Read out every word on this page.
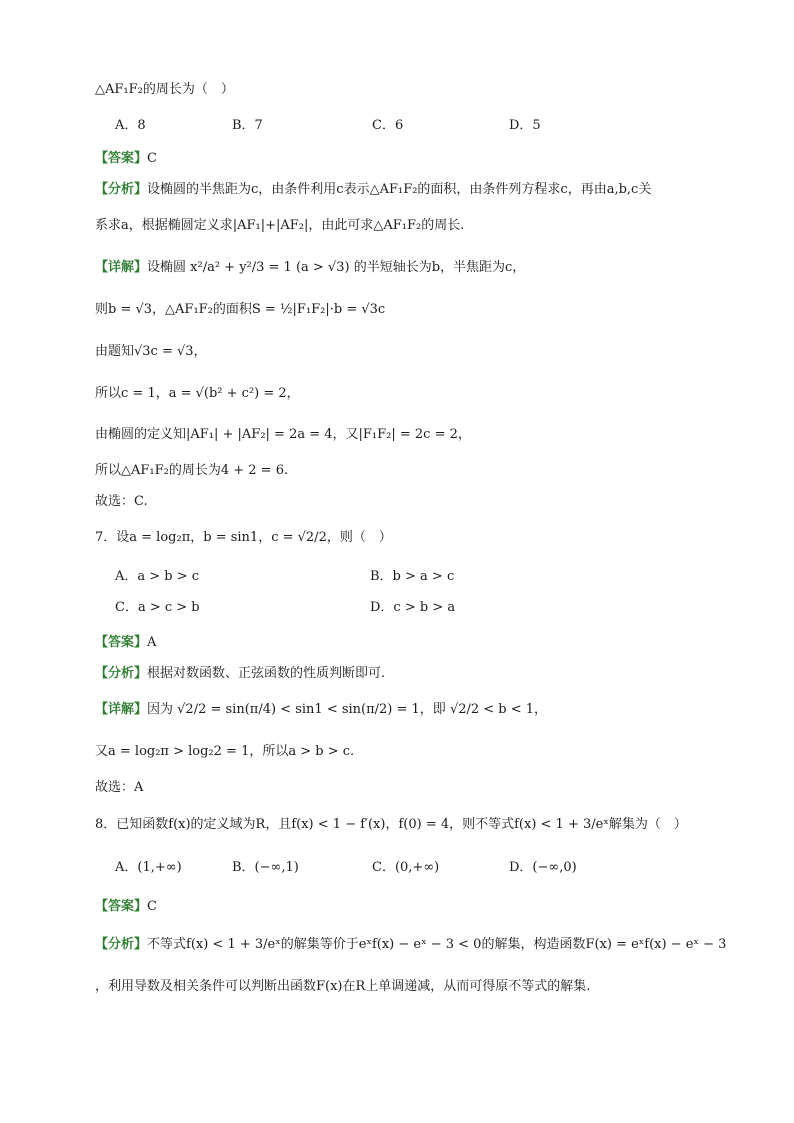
△AF₁F₂的周长为（　）
A．8	B．7	C．6	D．5
【答案】C
【分析】设椭圆的半焦距为c，由条件利用c表示△AF₁F₂的面积，由条件列方程求c，再由a,b,c关
系求a，根据椭圆定义求|AF₁|+|AF₂|，由此可求△AF₁F₂的周长.
【详解】设椭圆 x²/a² + y²/3 = 1 (a > √3) 的半短轴长为b，半焦距为c，
则b = √3，△AF₁F₂的面积S = ½|F₁F₂|·b = √3c
由题知√3c = √3，
所以c = 1，a = √(b² + c²) = 2，
由椭圆的定义知|AF₁| + |AF₂| = 2a = 4，又|F₁F₂| = 2c = 2，
所以△AF₁F₂的周长为4 + 2 = 6.
故选：C.
7．设a = log₂π，b = sin1，c = √2/2，则（　）
A．a > b > c	B．b > a > c
C．a > c > b	D．c > b > a
【答案】A
【分析】根据对数函数、正弦函数的性质判断即可.
【详解】因为 √2/2 = sin(π/4) < sin1 < sin(π/2) = 1，即 √2/2 < b < 1，
又a = log₂π > log₂2 = 1，所以a > b > c.
故选：A
8．已知函数f(x)的定义域为R，且f(x) < 1 − f′(x)，f(0) = 4，则不等式f(x) < 1 + 3/eˣ解集为（　）
A．(1,+∞)	B．(−∞,1)	C．(0,+∞)	D．(−∞,0)
【答案】C
【分析】不等式f(x) < 1 + 3/eˣ的解集等价于eˣf(x) − eˣ − 3 < 0的解集，构造函数F(x) = eˣf(x) − eˣ − 3
，利用导数及相关条件可以判断出函数F(x)在R上单调递减，从而可得原不等式的解集.
